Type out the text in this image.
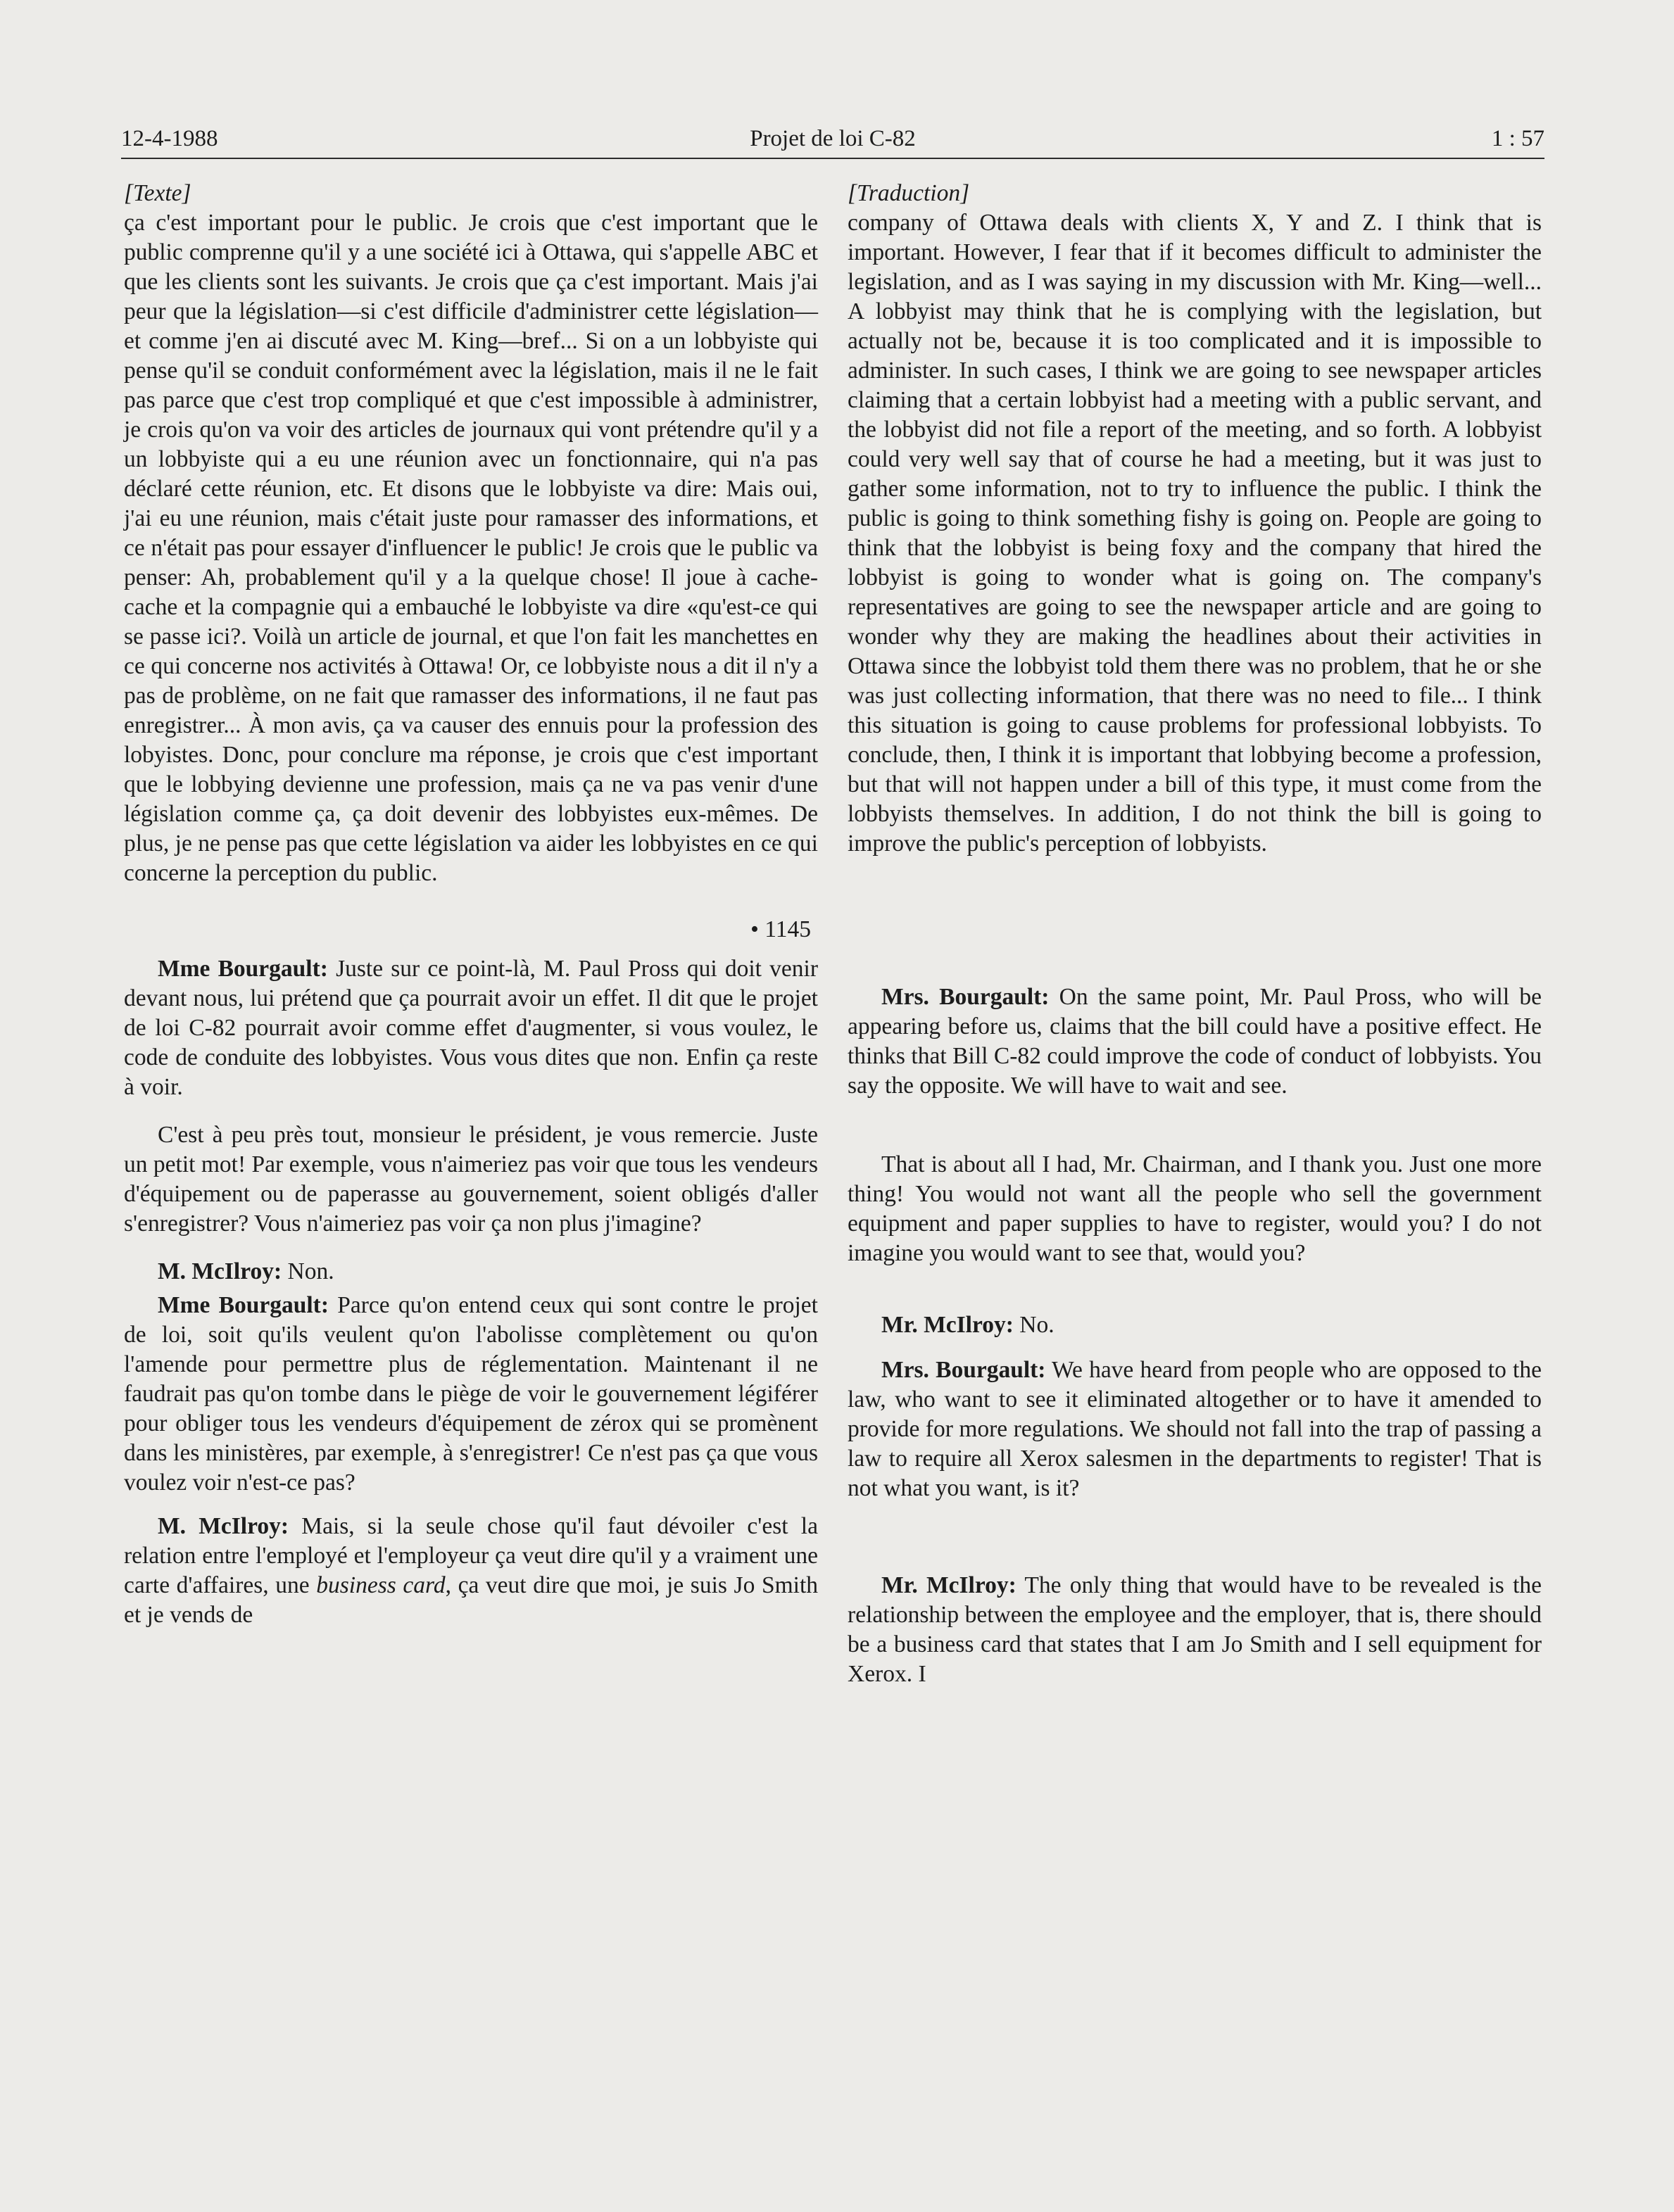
12-4-1988	Projet de loi C-82	1 : 57

[Texte]

ça c'est important pour le public. Je crois que c'est important que le public comprenne qu'il y a une société ici à Ottawa, qui s'appelle ABC et que les clients sont les suivants. Je crois que ça c'est important. Mais j'ai peur que la législation—si c'est difficile d'administrer cette législation—et comme j'en ai discuté avec M. King—bref... Si on a un lobbyiste qui pense qu'il se conduit conformément avec la législation, mais il ne le fait pas parce que c'est trop compliqué et que c'est impossible à administrer, je crois qu'on va voir des articles de journaux qui vont prétendre qu'il y a un lobbyiste qui a eu une réunion avec un fonctionnaire, qui n'a pas déclaré cette réunion, etc. Et disons que le lobbyiste va dire: Mais oui, j'ai eu une réunion, mais c'était juste pour ramasser des informations, et ce n'était pas pour essayer d'influencer le public! Je crois que le public va penser: Ah, probablement qu'il y a la quelque chose! Il joue à cache-cache et la compagnie qui a embauché le lobbyiste va dire «qu'est-ce qui se passe ici?. Voilà un article de journal, et que l'on fait les manchettes en ce qui concerne nos activités à Ottawa! Or, ce lobbyiste nous a dit il n'y a pas de problème, on ne fait que ramasser des informations, il ne faut pas enregistrer... À mon avis, ça va causer des ennuis pour la profession des lobyistes. Donc, pour conclure ma réponse, je crois que c'est important que le lobbying devienne une profession, mais ça ne va pas venir d'une législation comme ça, ça doit devenir des lobbyistes eux-mêmes. De plus, je ne pense pas que cette législation va aider les lobbyistes en ce qui concerne la perception du public.

• 1145

Mme Bourgault: Juste sur ce point-là, M. Paul Pross qui doit venir devant nous, lui prétend que ça pourrait avoir un effet. Il dit que le projet de loi C-82 pourrait avoir comme effet d'augmenter, si vous voulez, le code de conduite des lobbyistes. Vous vous dites que non. Enfin ça reste à voir.

C'est à peu près tout, monsieur le président, je vous remercie. Juste un petit mot! Par exemple, vous n'aimeriez pas voir que tous les vendeurs d'équipement ou de paperasse au gouvernement, soient obligés d'aller s'enregistrer? Vous n'aimeriez pas voir ça non plus j'imagine?

M. McIlroy: Non.

Mme Bourgault: Parce qu'on entend ceux qui sont contre le projet de loi, soit qu'ils veulent qu'on l'abolisse complètement ou qu'on l'amende pour permettre plus de réglementation. Maintenant il ne faudrait pas qu'on tombe dans le piège de voir le gouvernement légiférer pour obliger tous les vendeurs d'équipement de zérox qui se promènent dans les ministères, par exemple, à s'enregistrer! Ce n'est pas ça que vous voulez voir n'est-ce pas?

M. McIlroy: Mais, si la seule chose qu'il faut dévoiler c'est la relation entre l'employé et l'employeur ça veut dire qu'il y a vraiment une carte d'affaires, une business card, ça veut dire que moi, je suis Jo Smith et je vends de

[Traduction]

company of Ottawa deals with clients X, Y and Z. I think that is important. However, I fear that if it becomes difficult to administer the legislation, and as I was saying in my discussion with Mr. King—well... A lobbyist may think that he is complying with the legislation, but actually not be, because it is too complicated and it is impossible to administer. In such cases, I think we are going to see newspaper articles claiming that a certain lobbyist had a meeting with a public servant, and the lobbyist did not file a report of the meeting, and so forth. A lobbyist could very well say that of course he had a meeting, but it was just to gather some information, not to try to influence the public. I think the public is going to think something fishy is going on. People are going to think that the lobbyist is being foxy and the company that hired the lobbyist is going to wonder what is going on. The company's representatives are going to see the newspaper article and are going to wonder why they are making the headlines about their activities in Ottawa since the lobbyist told them there was no problem, that he or she was just collecting information, that there was no need to file... I think this situation is going to cause problems for professional lobbyists. To conclude, then, I think it is important that lobbying become a profession, but that will not happen under a bill of this type, it must come from the lobbyists themselves. In addition, I do not think the bill is going to improve the public's perception of lobbyists.

Mrs. Bourgault: On the same point, Mr. Paul Pross, who will be appearing before us, claims that the bill could have a positive effect. He thinks that Bill C-82 could improve the code of conduct of lobbyists. You say the opposite. We will have to wait and see.

That is about all I had, Mr. Chairman, and I thank you. Just one more thing! You would not want all the people who sell the government equipment and paper supplies to have to register, would you? I do not imagine you would want to see that, would you?

Mr. McIlroy: No.

Mrs. Bourgault: We have heard from people who are opposed to the law, who want to see it eliminated altogether or to have it amended to provide for more regulations. We should not fall into the trap of passing a law to require all Xerox salesmen in the departments to register! That is not what you want, is it?

Mr. McIlroy: The only thing that would have to be revealed is the relationship between the employee and the employer, that is, there should be a business card that states that I am Jo Smith and I sell equipment for Xerox. I
